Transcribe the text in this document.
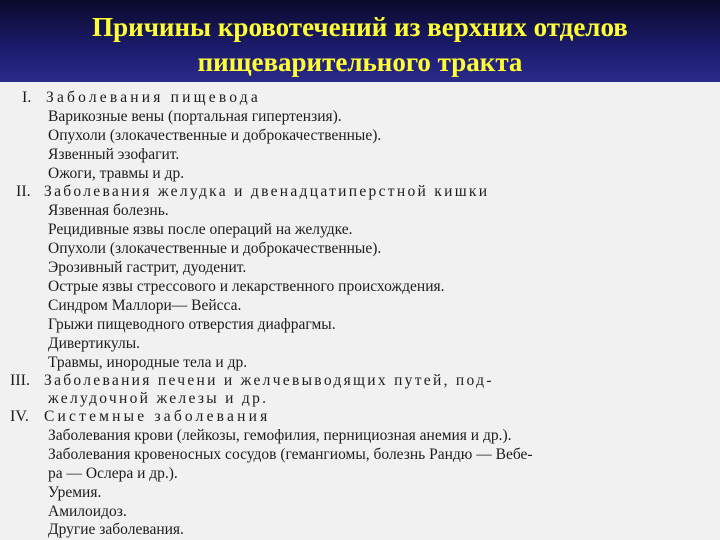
Причины кровотечений из верхних отделов
пищеварительного тракта
I. Заболевания пищевода
Варикозные вены (портальная гипертензия).
Опухоли (злокачественные и доброкачественные).
Язвенный эзофагит.
Ожоги, травмы и др.
II. Заболевания желудка и двенадцатиперстной кишки
Язвенная болезнь.
Рецидивные язвы после операций на желудке.
Опухоли (злокачественные и доброкачественные).
Эрозивный гастрит, дуоденит.
Острые язвы стрессового и лекарственного происхождения.
Синдром Маллори— Вейсса.
Грыжи пищеводного отверстия диафрагмы.
Дивертикулы.
Травмы, инородные тела и др.
III. Заболевания печени и желчевыводящих путей, под-
желудочной железы и др.
IV. Системные заболевания
Заболевания крови (лейкозы, гемофилия, пернициозная анемия и др.).
Заболевания кровеносных сосудов (гемангиомы, болезнь Рандю — Вебе-
ра — Ослера и др.).
Уремия.
Амилоидоз.
Другие заболевания.
